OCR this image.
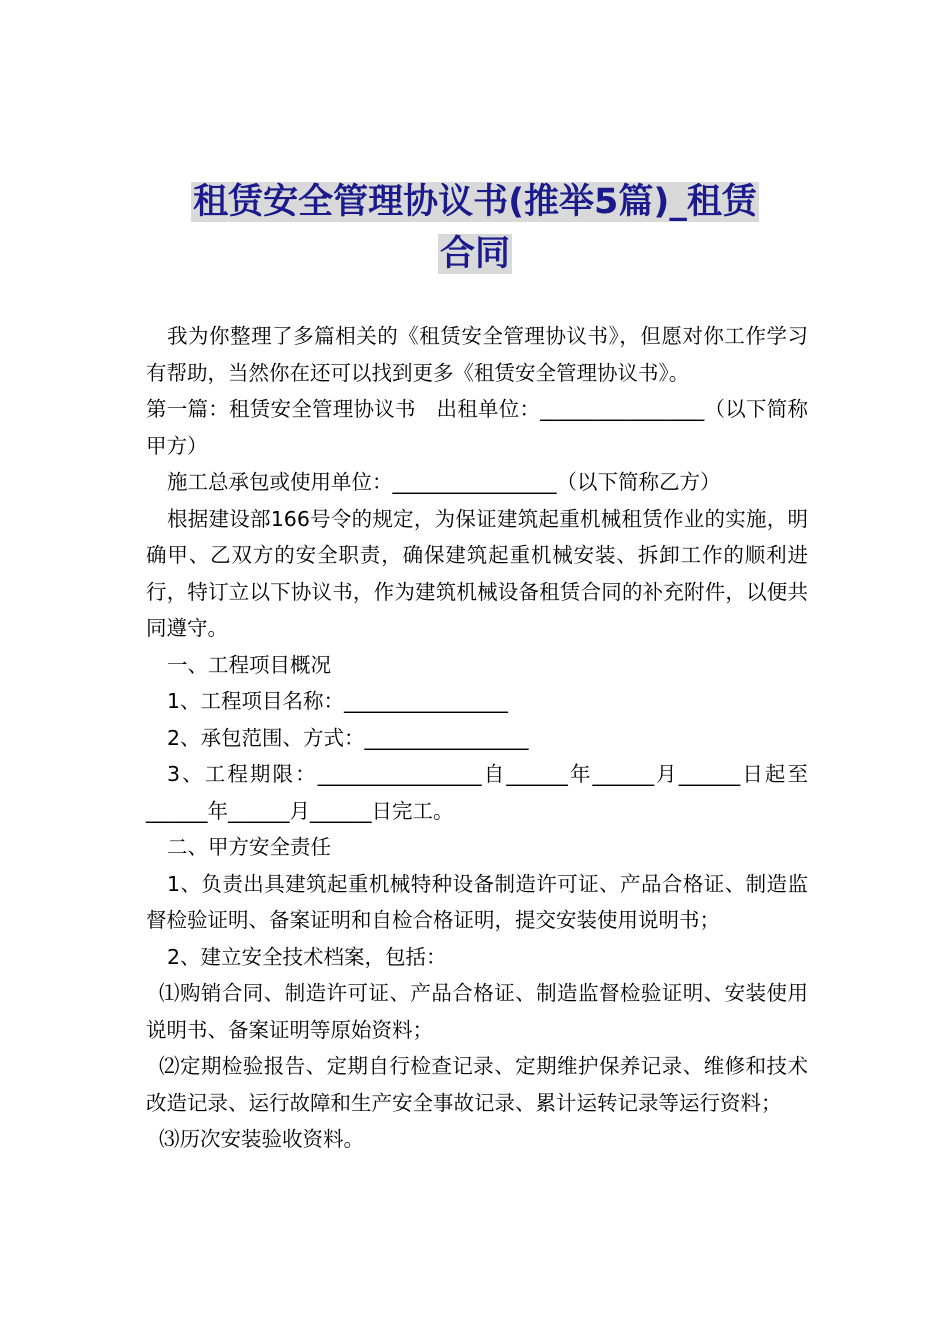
租赁安全管理协议书(推举5篇)_租赁
合同

我为你整理了多篇相关的《租赁安全管理协议书》，但愿对你工作学习有帮助，当然你在还可以找到更多《租赁安全管理协议书》。

第一篇：租赁安全管理协议书　出租单位：________________（以下简称甲方）

施工总承包或使用单位：________________（以下简称乙方）

根据建设部166号令的规定，为保证建筑起重机械租赁作业的实施，明确甲、乙双方的安全职责，确保建筑起重机械安装、拆卸工作的顺利进行，特订立以下协议书，作为建筑机械设备租赁合同的补充附件，以便共同遵守。

一、工程项目概况

1、工程项目名称：________________

2、承包范围、方式：________________

3、工程期限：________________自______年______月______日起至______年______月______日完工。

二、甲方安全责任

1、负责出具建筑起重机械特种设备制造许可证、产品合格证、制造监督检验证明、备案证明和自检合格证明，提交安装使用说明书；

2、建立安全技术档案，包括：

⑴购销合同、制造许可证、产品合格证、制造监督检验证明、安装使用说明书、备案证明等原始资料；

⑵定期检验报告、定期自行检查记录、定期维护保养记录、维修和技术改造记录、运行故障和生产安全事故记录、累计运转记录等运行资料；

⑶历次安装验收资料。
